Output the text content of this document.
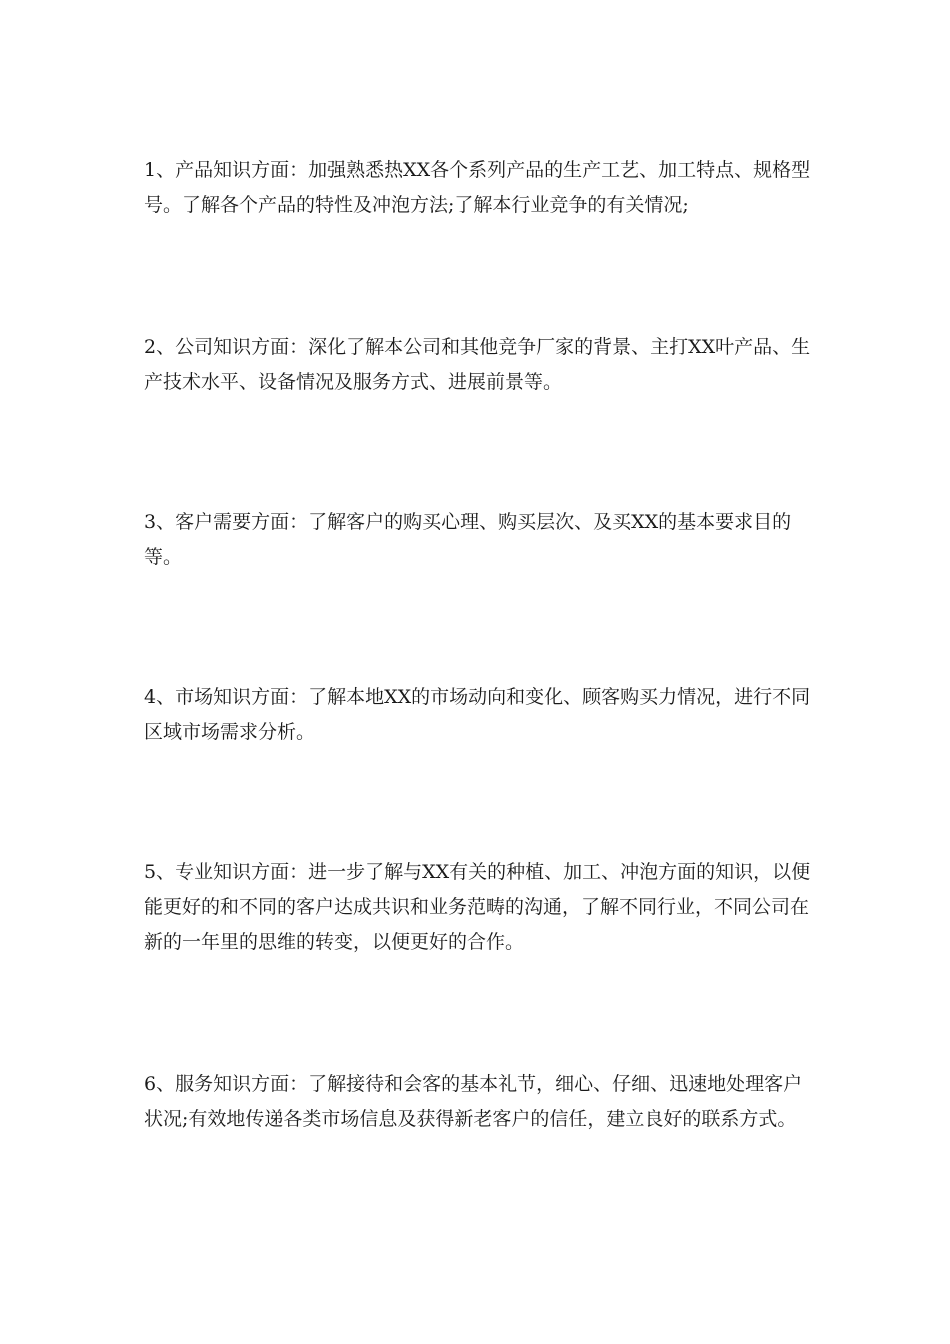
1、产品知识方面：加强熟悉热XX各个系列产品的生产工艺、加工特点、规格型号。了解各个产品的特性及冲泡方法;了解本行业竞争的有关情况;

2、公司知识方面：深化了解本公司和其他竞争厂家的背景、主打XX叶产品、生产技术水平、设备情况及服务方式、进展前景等。

3、客户需要方面：了解客户的购买心理、购买层次、及买XX的基本要求目的等。

4、市场知识方面：了解本地XX的市场动向和变化、顾客购买力情况，进行不同区域市场需求分析。

5、专业知识方面：进一步了解与XX有关的种植、加工、冲泡方面的知识，以便能更好的和不同的客户达成共识和业务范畴的沟通，了解不同行业，不同公司在新的一年里的思维的转变，以便更好的合作。

6、服务知识方面：了解接待和会客的基本礼节，细心、仔细、迅速地处理客户状况;有效地传递各类市场信息及获得新老客户的信任，建立良好的联系方式。
